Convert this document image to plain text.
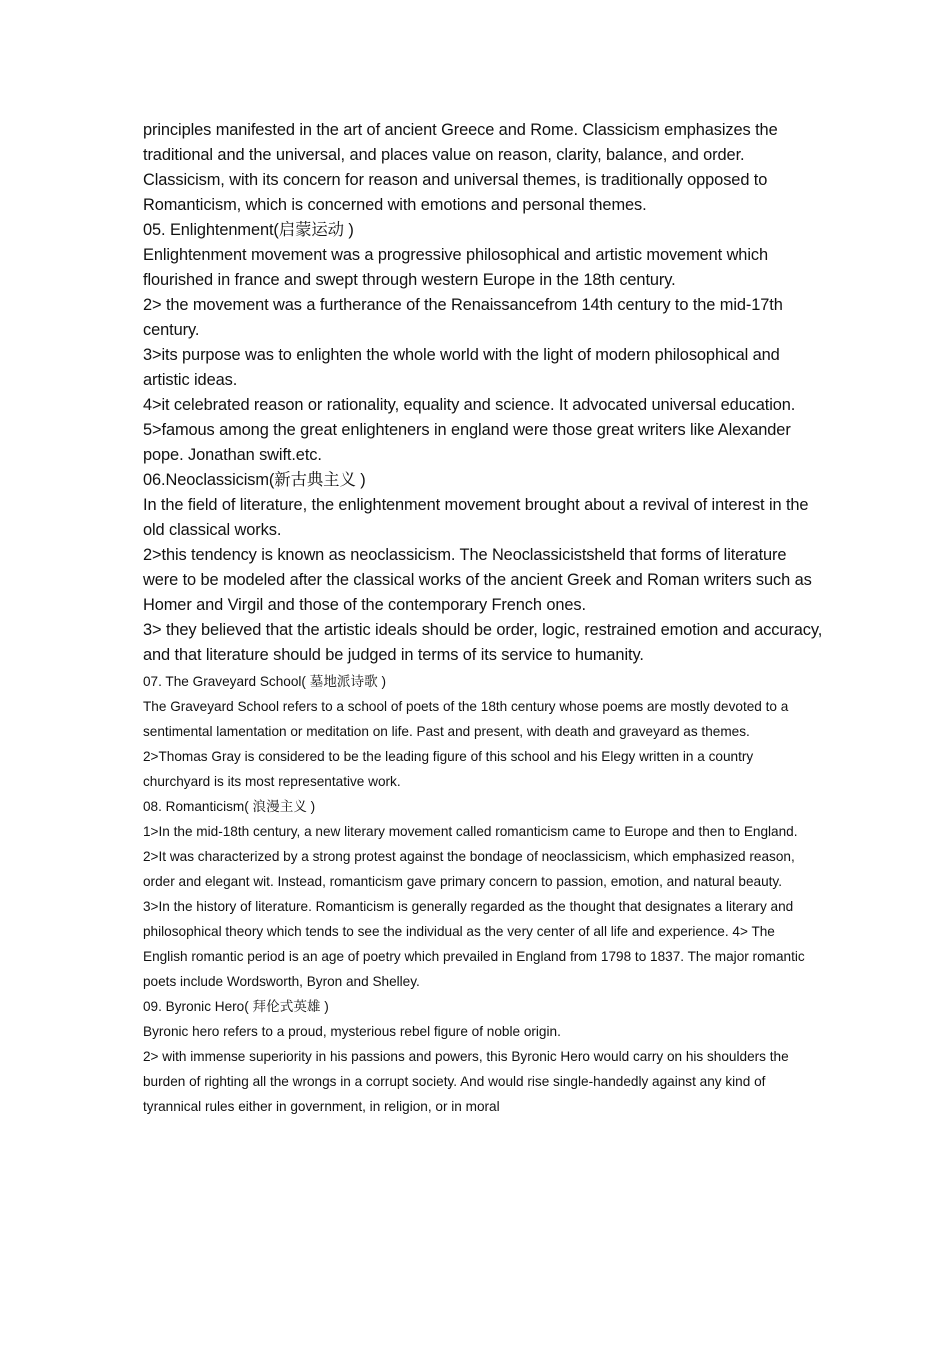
principles manifested in the art of ancient Greece and Rome. Classicism emphasizes the traditional and the universal, and places value on reason, clarity, balance, and order. Classicism, with its concern for reason and universal themes, is traditionally opposed to Romanticism, which is concerned with emotions and personal themes.

05. Enlightenment(启蒙运动 )

Enlightenment movement was a progressive philosophical and artistic movement which flourished in france and swept through western Europe in the 18th century.

2> the movement was a furtherance of the Renaissancefrom 14th century to the mid-17th century.

3>its purpose was to enlighten the whole world with the light of modern philosophical and artistic ideas.

4>it celebrated reason or rationality, equality and science. It advocated universal education.

5>famous among the great enlighteners in england were those great writers like Alexander pope. Jonathan swift.etc.

06.Neoclassicism(新古典主义 )

In the field of literature, the enlightenment movement brought about a revival of interest in the old classical works.

2>this tendency is known as neoclassicism. The Neoclassicistsheld that forms of literature were to be modeled after the classical works of the ancient Greek and Roman writers such as Homer and Virgil and those of the contemporary French ones.

3> they believed that the artistic ideals should be order, logic, restrained emotion and accuracy, and that literature should be judged in terms of its service to humanity.

07. The Graveyard School( 墓地派诗歌 )

The Graveyard School refers to a school of poets of the 18th century whose poems are mostly devoted to a sentimental lamentation or meditation on life. Past and present, with death and graveyard as themes.

2>Thomas Gray is considered to be the leading figure of this school and his Elegy written in a country churchyard is its most representative work.

08. Romanticism( 浪漫主义 )

1>In the mid-18th century, a new literary movement called romanticism came to Europe and then to England.

2>It was characterized by a strong protest against the bondage of neoclassicism, which emphasized reason, order and elegant wit. Instead, romanticism gave primary concern to passion, emotion, and natural beauty.

3>In the history of literature. Romanticism is generally regarded as the thought that designates a literary and philosophical theory which tends to see the individual as the very center of all life and experience. 4> The English romantic period is an age of poetry which prevailed in England from 1798 to 1837. The major romantic poets include Wordsworth, Byron and Shelley.

09. Byronic Hero( 拜伦式英雄 )

Byronic hero refers to a proud, mysterious rebel figure of noble origin.

2> with immense superiority in his passions and powers, this Byronic Hero would carry on his shoulders the burden of righting all the wrongs in a corrupt society. And would rise single-handedly against any kind of tyrannical rules either in government, in religion, or in moral
